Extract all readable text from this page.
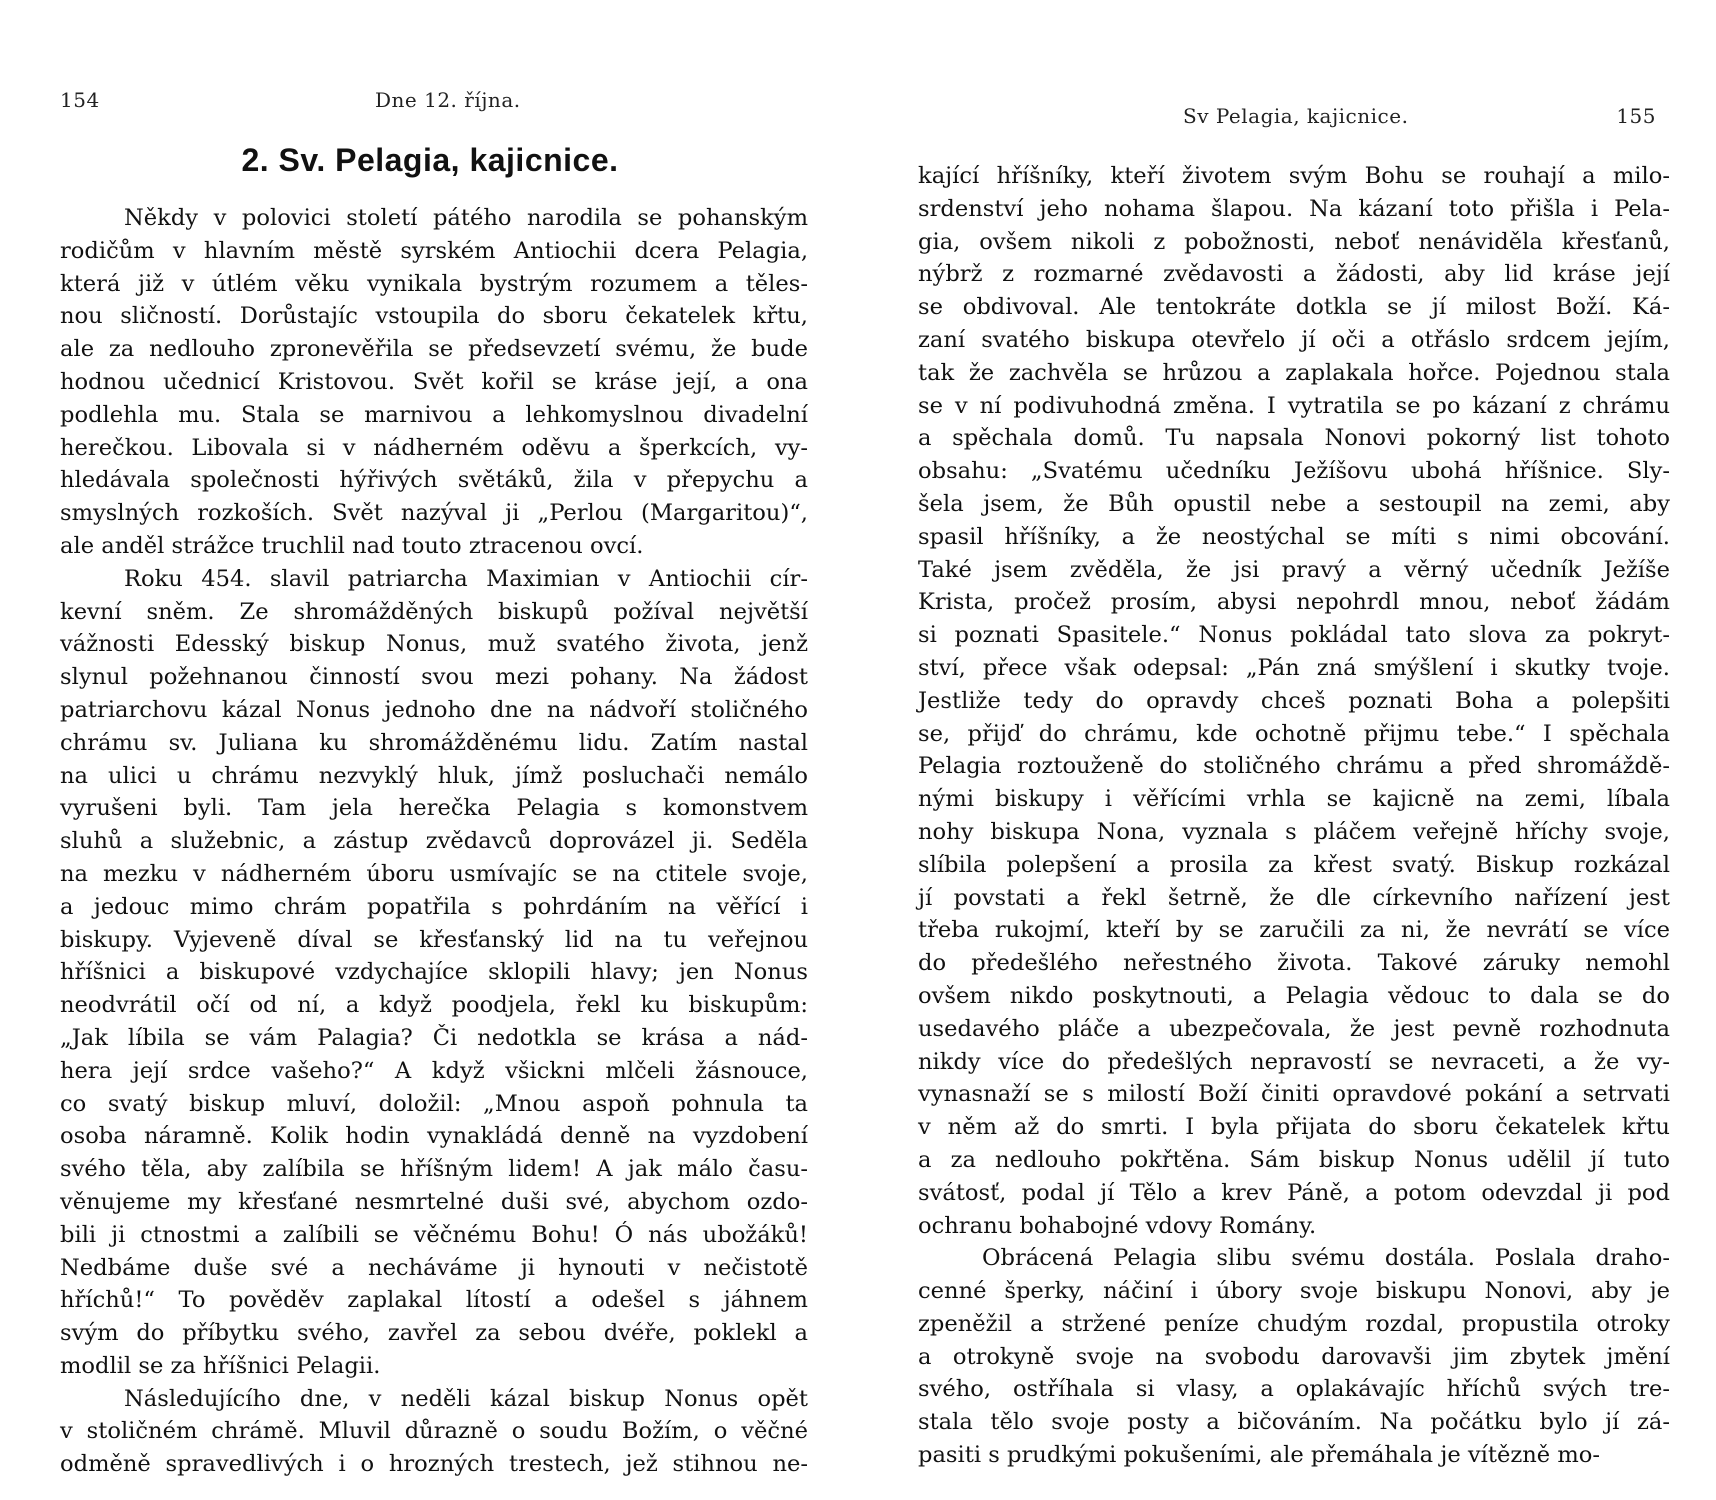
154	Dne 12. října.
2. Sv. Pelagia, kajicnice.
Někdy v polovici století pátého narodila se pohanským
rodičům v hlavním městě syrském Antiochii dcera Pelagia,
která již v útlém věku vynikala bystrým rozumem a těles-
nou sličností. Dorůstajíc vstoupila do sboru čekatelek křtu,
ale za nedlouho zpronevěřila se předsevzetí svému, že bude
hodnou učednicí Kristovou. Svět kořil se kráse její, a ona
podlehla mu. Stala se marnivou a lehkomyslnou divadelní
herečkou. Libovala si v nádherném oděvu a šperkcích, vy-
hledávala společnosti hýřivých světáků, žila v přepychu a
smyslných rozkoších. Svět nazýval ji „Perlou (Margaritou)“,
ale anděl strážce truchlil nad touto ztracenou ovcí.
Roku 454. slavil patriarcha Maximian v Antiochii cír-
kevní sněm. Ze shromážděných biskupů požíval největší
vážnosti Edesský biskup Nonus, muž svatého života, jenž
slynul požehnanou činností svou mezi pohany. Na žádost
patriarchovu kázal Nonus jednoho dne na nádvoří stoličného
chrámu sv. Juliana ku shromážděnému lidu. Zatím nastal
na ulici u chrámu nezvyklý hluk, jímž posluchači nemálo
vyrušeni byli. Tam jela herečka Pelagia s komonstvem
sluhů a služebnic, a zástup zvědavců doprovázel ji. Seděla
na mezku v nádherném úboru usmívajíc se na ctitele svoje,
a jedouc mimo chrám popatřila s pohrdáním na věřící i
biskupy. Vyjeveně díval se křesťanský lid na tu veřejnou
hříšnici a biskupové vzdychajíce sklopili hlavy; jen Nonus
neodvrátil očí od ní, a když poodjela, řekl ku biskupům:
„Jak líbila se vám Palagia? Či nedotkla se krása a nád-
hera její srdce vašeho?“ A když všickni mlčeli žásnouce,
co svatý biskup mluví, doložil: „Mnou aspoň pohnula ta
osoba náramně. Kolik hodin vynakládá denně na vyzdobení
svého těla, aby zalíbila se hříšným lidem! A jak málo času-
věnujeme my křesťané nesmrtelné duši své, abychom ozdo-
bili ji ctnostmi a zalíbili se věčnému Bohu! Ó nás ubožáků!
Nedbáme duše své a necháváme ji hynouti v nečistotě
hříchů!“ To pověděv zaplakal lítostí a odešel s jáhnem
svým do příbytku svého, zavřel za sebou dvéře, poklekl a
modlil se za hříšnici Pelagii.
Následujícího dne, v neděli kázal biskup Nonus opět
v stoličném chrámě. Mluvil důrazně o soudu Božím, o věčné
odměně spravedlivých i o hrozných trestech, jež stihnou ne-
Sv Pelagia, kajicnice.	155
kající hříšníky, kteří životem svým Bohu se rouhají a milo-
srdenství jeho nohama šlapou. Na kázaní toto přišla i Pela-
gia, ovšem nikoli z pobožnosti, neboť nenáviděla křesťanů,
nýbrž z rozmarné zvědavosti a žádosti, aby lid kráse její
se obdivoval. Ale tentokráte dotkla se jí milost Boží. Ká-
zaní svatého biskupa otevřelo jí oči a otřáslo srdcem jejím,
tak že zachvěla se hrůzou a zaplakala hořce. Pojednou stala
se v ní podivuhodná změna. I vytratila se po kázaní z chrámu
a spěchala domů. Tu napsala Nonovi pokorný list tohoto
obsahu: „Svatému učedníku Ježíšovu ubohá hříšnice. Sly-
šela jsem, že Bůh opustil nebe a sestoupil na zemi, aby
spasil hříšníky, a že neostýchal se míti s nimi obcování.
Také jsem zvěděla, že jsi pravý a věrný učedník Ježíše
Krista, pročež prosím, abysi nepohrdl mnou, neboť žádám
si poznati Spasitele.“ Nonus pokládal tato slova za pokryt-
ství, přece však odepsal: „Pán zná smýšlení i skutky tvoje.
Jestliže tedy do opravdy chceš poznati Boha a polepšiti
se, přijď do chrámu, kde ochotně přijmu tebe.“ I spěchala
Pelagia roztouženě do stoličného chrámu a před shromáždě-
nými biskupy i věřícími vrhla se kajicně na zemi, líbala
nohy biskupa Nona, vyznala s pláčem veřejně hříchy svoje,
slíbila polepšení a prosila za křest svatý. Biskup rozkázal
jí povstati a řekl šetrně, že dle církevního nařízení jest
třeba rukojmí, kteří by se zaručili za ni, že nevrátí se více
do předešlého neřestného života. Takové záruky nemohl
ovšem nikdo poskytnouti, a Pelagia vědouc to dala se do
usedavého pláče a ubezpečovala, že jest pevně rozhodnuta
nikdy více do předešlých nepravostí se nevraceti, a že vy-
vynasnaží se s milostí Boží činiti opravdové pokání a setrvati
v něm až do smrti. I byla přijata do sboru čekatelek křtu
a za nedlouho pokřtěna. Sám biskup Nonus udělil jí tuto
svátosť, podal jí Tělo a krev Páně, a potom odevzdal ji pod
ochranu bohabojné vdovy Romány.
Obrácená Pelagia slibu svému dostála. Poslala draho-
cenné šperky, náčiní i úbory svoje biskupu Nonovi, aby je
zpeněžil a stržené peníze chudým rozdal, propustila otroky
a otrokyně svoje na svobodu darovavši jim zbytek jmění
svého, ostříhala si vlasy, a oplakávajíc hříchů svých tre-
stala tělo svoje posty a bičováním. Na počátku bylo jí zá-
pasiti s prudkými pokušeními, ale přemáhala je vítězně mo-
